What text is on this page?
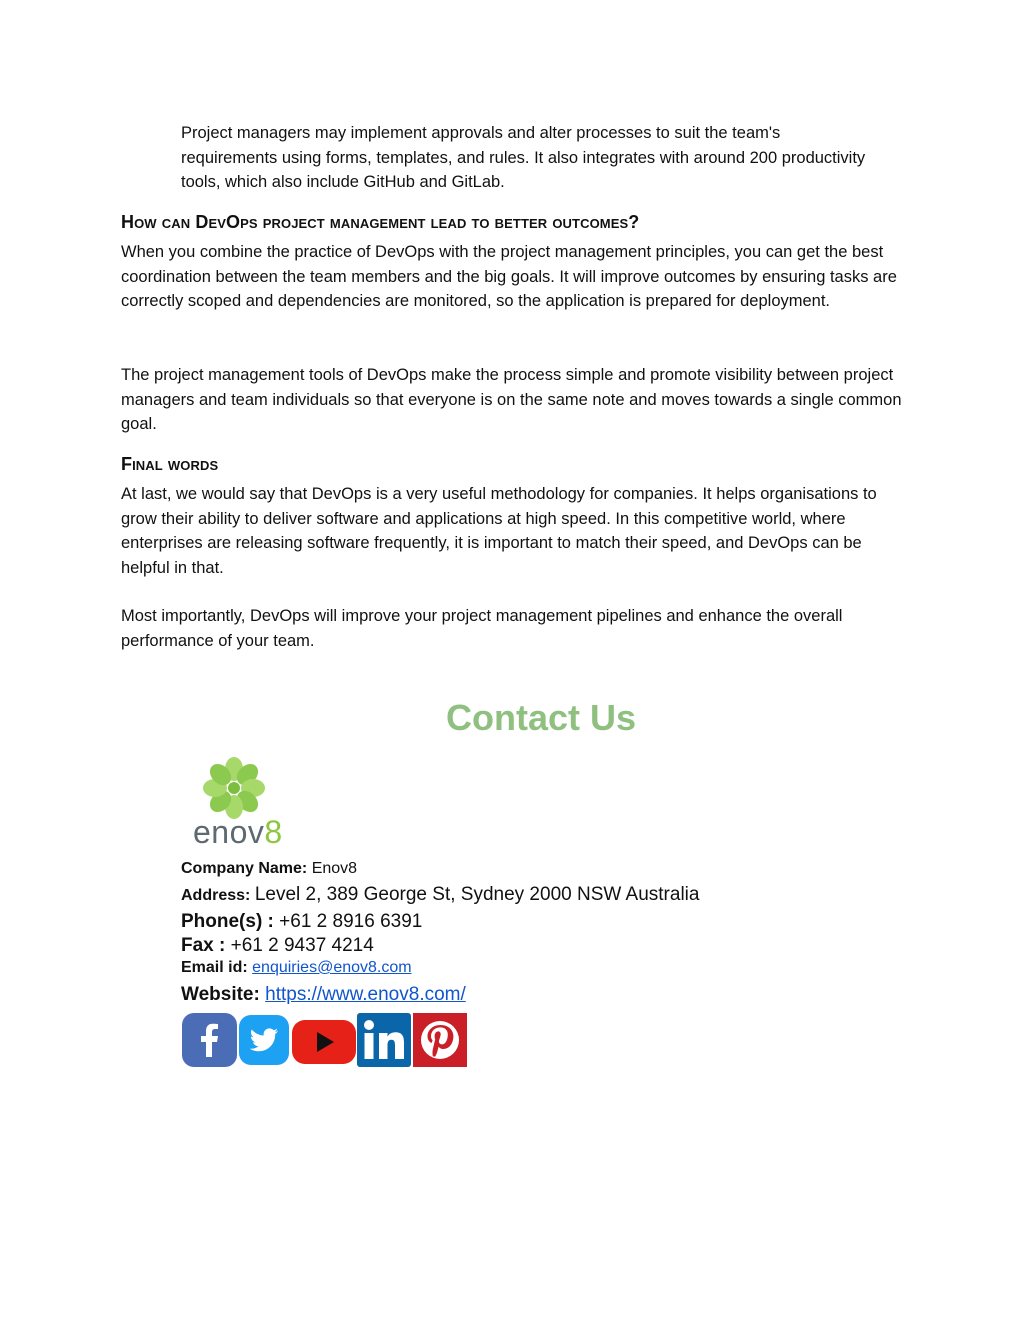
Project managers may implement approvals and alter processes to suit the team's requirements using forms, templates, and rules. It also integrates with around 200 productivity tools, which also include GitHub and GitLab.

How can DevOps project management lead to better outcomes?

When you combine the practice of DevOps with the project management principles, you can get the best coordination between the team members and the big goals. It will improve outcomes by ensuring tasks are correctly scoped and dependencies are monitored, so the application is prepared for deployment.

The project management tools of DevOps make the process simple and promote visibility between project managers and team individuals so that everyone is on the same note and moves towards a single common goal.

Final words

At last, we would say that DevOps is a very useful methodology for companies. It helps organisations to grow their ability to deliver software and applications at high speed. In this competitive world, where enterprises are releasing software frequently, it is important to match their speed, and DevOps can be helpful in that.

Most importantly, DevOps will improve your project management pipelines and enhance the overall performance of your team.

Contact Us

enov8

Company Name: Enov8

Address: Level 2, 389 George St, Sydney 2000 NSW Australia

Phone(s) : +61 2 8916 6391

Fax : +61 2 9437 4214

Email id: enquiries@enov8.com

Website: https://www.enov8.com/
